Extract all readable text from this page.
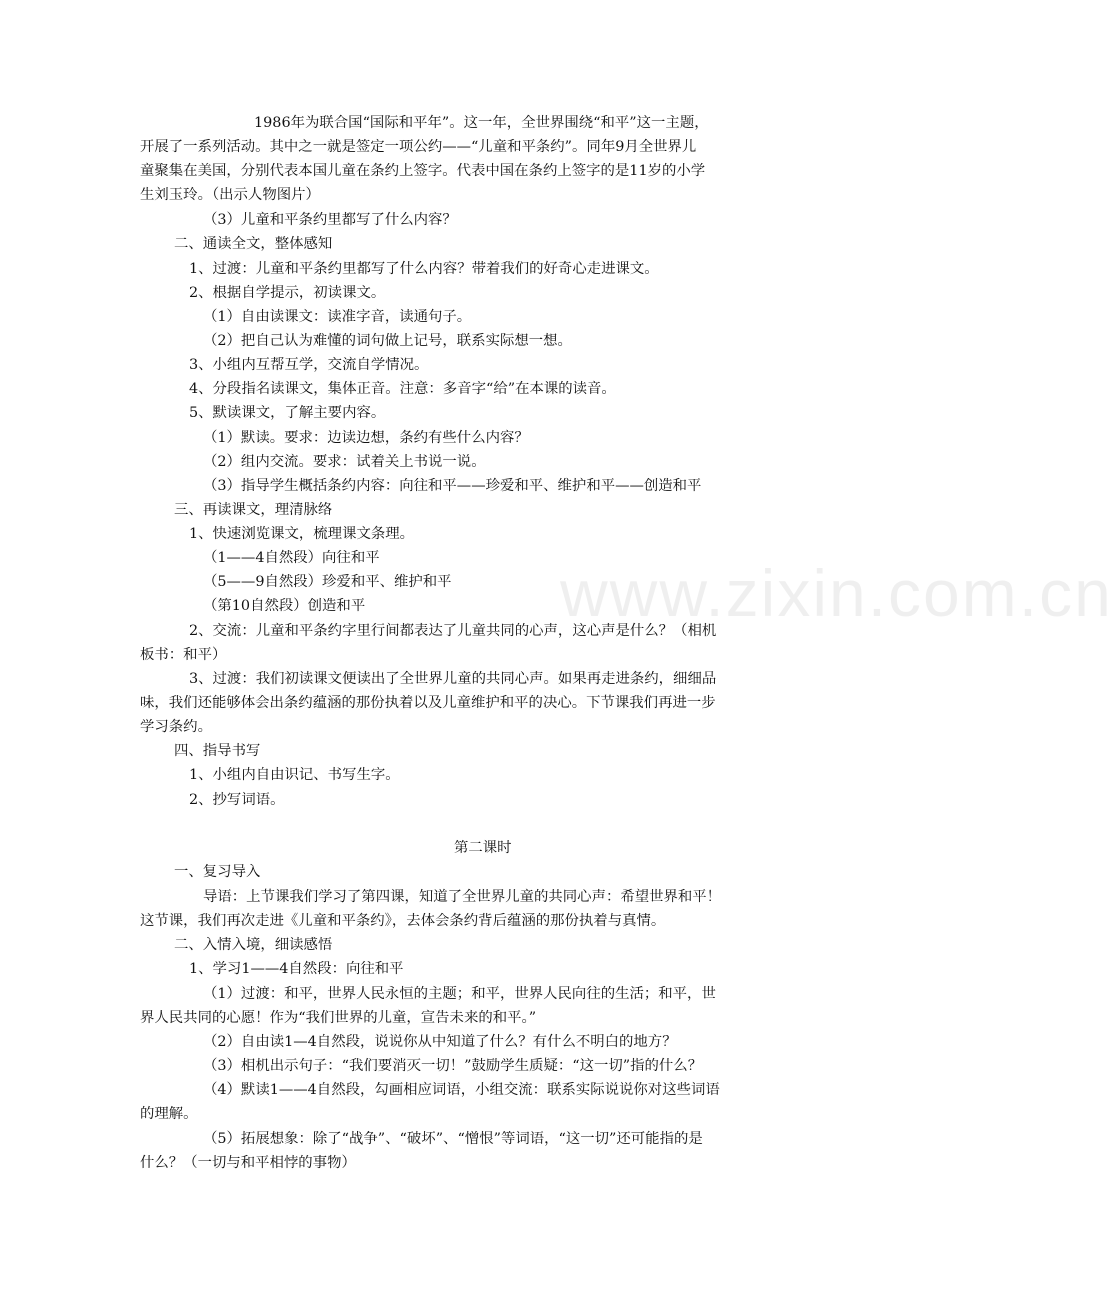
www.zixin.com.cn
1986年为联合国“国际和平年”。这一年，全世界围绕“和平”这一主题，
开展了一系列活动。其中之一就是签定一项公约——“儿童和平条约”。同年9月全世界儿
童聚集在美国，分别代表本国儿童在条约上签字。代表中国在条约上签字的是11岁的小学
生刘玉玲。（出示人物图片）
（3）儿童和平条约里都写了什么内容？
二、通读全文，整体感知
1、过渡：儿童和平条约里都写了什么内容？带着我们的好奇心走进课文。
2、根据自学提示，初读课文。
（1）自由读课文：读准字音，读通句子。
（2）把自己认为难懂的词句做上记号，联系实际想一想。
3、小组内互帮互学，交流自学情况。
4、分段指名读课文，集体正音。注意：多音字“给”在本课的读音。
5、默读课文，了解主要内容。
（1）默读。要求：边读边想，条约有些什么内容？
（2）组内交流。要求：试着关上书说一说。
（3）指导学生概括条约内容：向往和平——珍爱和平、维护和平——创造和平
三、再读课文，理清脉络
1、快速浏览课文，梳理课文条理。
（1——4自然段）向往和平
（5——9自然段）珍爱和平、维护和平
（第10自然段）创造和平
2、交流：儿童和平条约字里行间都表达了儿童共同的心声，这心声是什么？（相机
板书：和平）
3、过渡：我们初读课文便读出了全世界儿童的共同心声。如果再走进条约，细细品
味，我们还能够体会出条约蕴涵的那份执着以及儿童维护和平的决心。下节课我们再进一步
学习条约。
四、指导书写
1、小组内自由识记、书写生字。
2、抄写词语。
第二课时
一、复习导入
导语：上节课我们学习了第四课，知道了全世界儿童的共同心声：希望世界和平！
这节课，我们再次走进《儿童和平条约》，去体会条约背后蕴涵的那份执着与真情。
二、入情入境，细读感悟
1、学习1——4自然段：向往和平
（1）过渡：和平，世界人民永恒的主题；和平，世界人民向往的生活；和平，世
界人民共同的心愿！作为“我们世界的儿童，宣告未来的和平。”
（2）自由读1—4自然段，说说你从中知道了什么？有什么不明白的地方？
（3）相机出示句子：“我们要消灭一切！”鼓励学生质疑：“这一切”指的什么？
（4）默读1——4自然段，勾画相应词语，小组交流：联系实际说说你对这些词语
的理解。
（5）拓展想象：除了“战争”、“破坏”、“憎恨”等词语，“这一切”还可能指的是
什么？（一切与和平相悖的事物）
